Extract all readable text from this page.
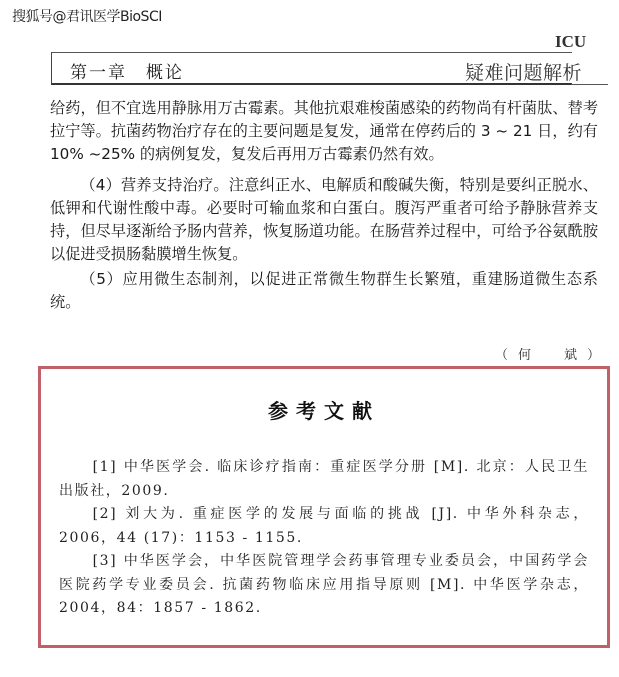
搜狐号@君讯医学BioSCI
第一章　概论
ICU
疑难问题解析
给药，但不宜选用静脉用万古霉素。其他抗艰难梭菌感染的药物尚有杆菌肽、替考拉宁等。抗菌药物治疗存在的主要问题是复发，通常在停药后的 3 ~ 21 日，约有 10% ~25% 的病例复发，复发后再用万古霉素仍然有效。
（4）营养支持治疗。注意纠正水、电解质和酸碱失衡，特别是要纠正脱水、低钾和代谢性酸中毒。必要时可输血浆和白蛋白。腹泻严重者可给予静脉营养支持，但尽早逐渐给予肠内营养，恢复肠道功能。在肠营养过程中，可给予谷氨酰胺以促进受损肠黏膜增生恢复。
（5）应用微生态制剂，以促进正常微生物群生长繁殖，重建肠道微生态系统。
（何　斌）
参考文献
[1] 中华医学会. 临床诊疗指南：重症医学分册 [M]. 北京：人民卫生出版社，2009.
[2] 刘大为. 重症医学的发展与面临的挑战 [J]. 中华外科杂志，2006，44 (17)：1153 - 1155.
[3] 中华医学会，中华医院管理学会药事管理专业委员会，中国药学会医院药学专业委员会. 抗菌药物临床应用指导原则 [M]. 中华医学杂志，2004，84：1857 - 1862.
